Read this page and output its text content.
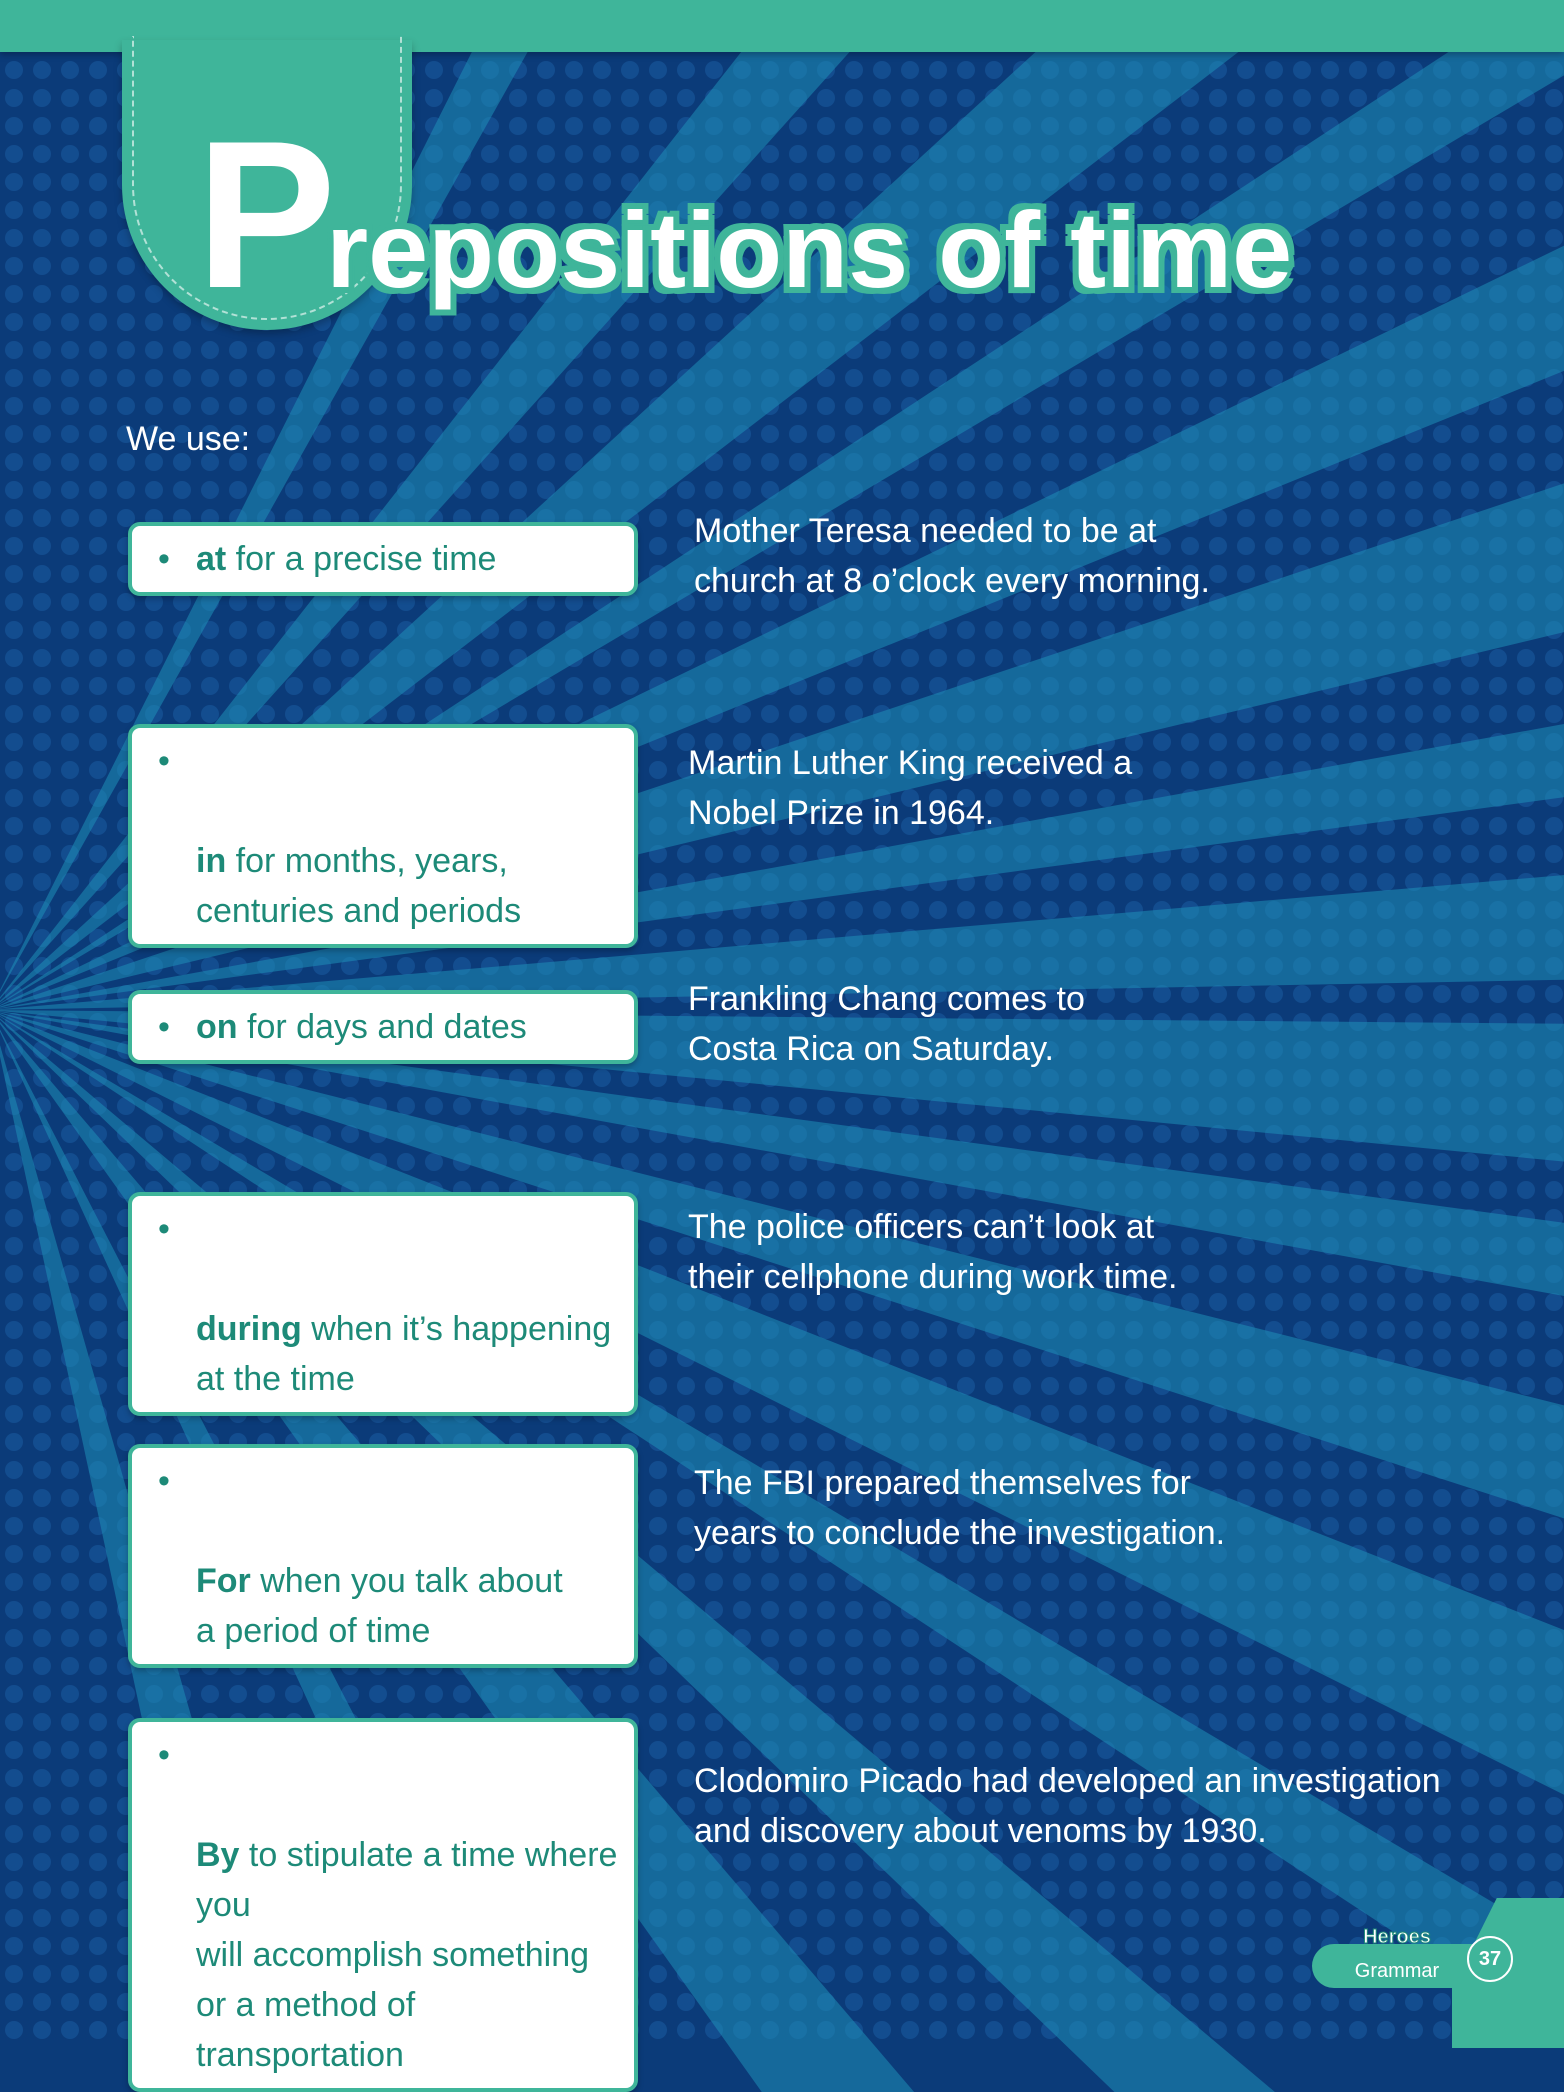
P
repositions of time
We use:
• at for a precise time
Mother Teresa needed to be at
church at 8 o’clock every morning.

•

in for months, years,
centuries and periods

Martin Luther King received a
Nobel Prize in 1964.
• on for days and dates
Frankling Chang comes to
Costa Rica on Saturday.

•

during when it’s happening
at the time

The police officers can’t look at
their cellphone during work time.

•

For when you talk about
a period of time

The FBI prepared themselves for
years to conclude the investigation.

•

By to stipulate a time where you
will accomplish something
or a method of transportation

Clodomiro Picado had developed an investigation
and discovery about venoms by 1930.
Heroes
Grammar
37
